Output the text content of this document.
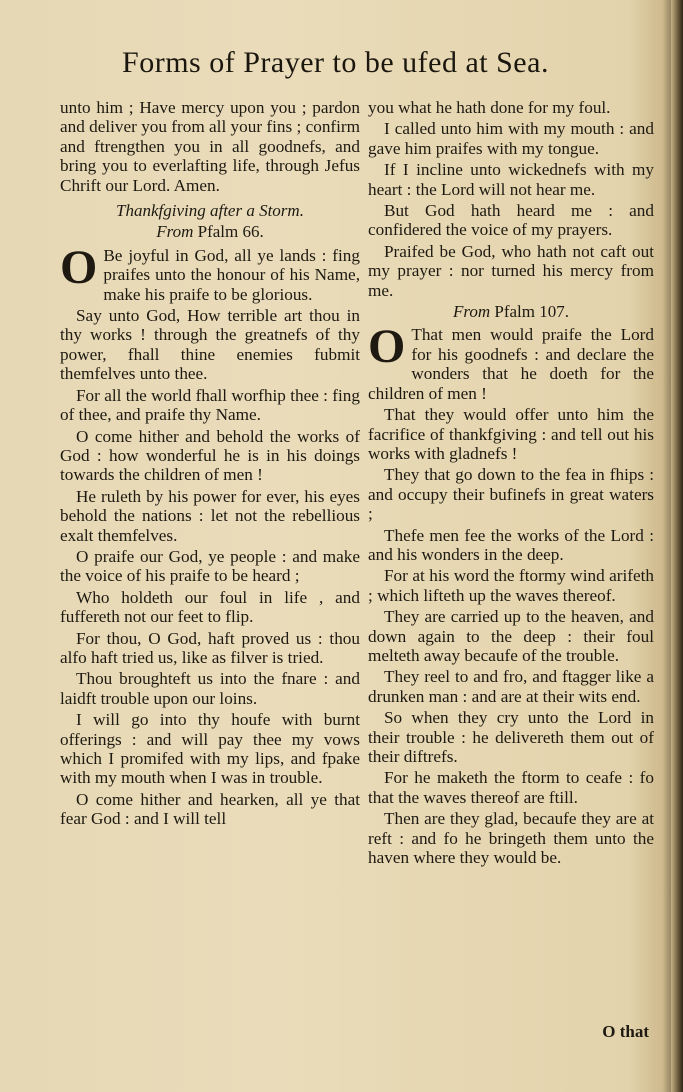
Forms of Prayer to be ufed at Sea.

unto him ; Have mercy upon you ; pardon and deliver you from all your fins ; confirm and ftrengthen you in all goodnefs, and bring you to everlafting life, through Jefus Chrift our Lord. Amen.

Thankfgiving after a Storm.

From Pfalm 66.

O Be joyful in God, all ye lands : fing praifes unto the honour of his Name, make his praife to be glorious.

Say unto God, How terrible art thou in thy works ! through the greatnefs of thy power, fhall thine enemies fubmit themfelves unto thee.

For all the world fhall worfhip thee : fing of thee, and praife thy Name.

O come hither and behold the works of God : how wonderful he is in his doings towards the children of men !

He ruleth by his power for ever, his eyes behold the nations : let not the rebellious exalt themfelves.

O praife our God, ye people : and make the voice of his praife to be heard ;

Who holdeth our foul in life , and fuffereth not our feet to flip.

For thou, O God, haft proved us : thou alfo haft tried us, like as filver is tried.

Thou broughteft us into the fnare : and laidft trouble upon our loins.

I will go into thy houfe with burnt offerings : and will pay thee my vows which I promifed with my lips, and fpake with my mouth when I was in trouble.

O come hither and hearken, all ye that fear God : and I will tell

you what he hath done for my foul.

I called unto him with my mouth : and gave him praifes with my tongue.

If I incline unto wickednefs with my heart : the Lord will not hear me.

But God hath heard me : and confidered the voice of my prayers.

Praifed be God, who hath not caft out my prayer : nor turned his mercy from me.

From Pfalm 107.

O That men would praife the Lord for his goodnefs : and declare the wonders that he doeth for the children of men !

That they would offer unto him the facrifice of thankfgiving : and tell out his works with gladnefs !

They that go down to the fea in fhips : and occupy their bufinefs in great waters ;

Thefe men fee the works of the Lord : and his wonders in the deep.

For at his word the ftormy wind arifeth ; which lifteth up the waves thereof.

They are carried up to the heaven, and down again to the deep : their foul melteth away becaufe of the trouble.

They reel to and fro, and ftagger like a drunken man : and are at their wits end.

So when they cry unto the Lord in their trouble : he delivereth them out of their diftrefs.

For he maketh the ftorm to ceafe : fo that the waves thereof are ftill.

Then are they glad, becaufe they are at reft : and fo he bringeth them unto the haven where they would be.

O that
